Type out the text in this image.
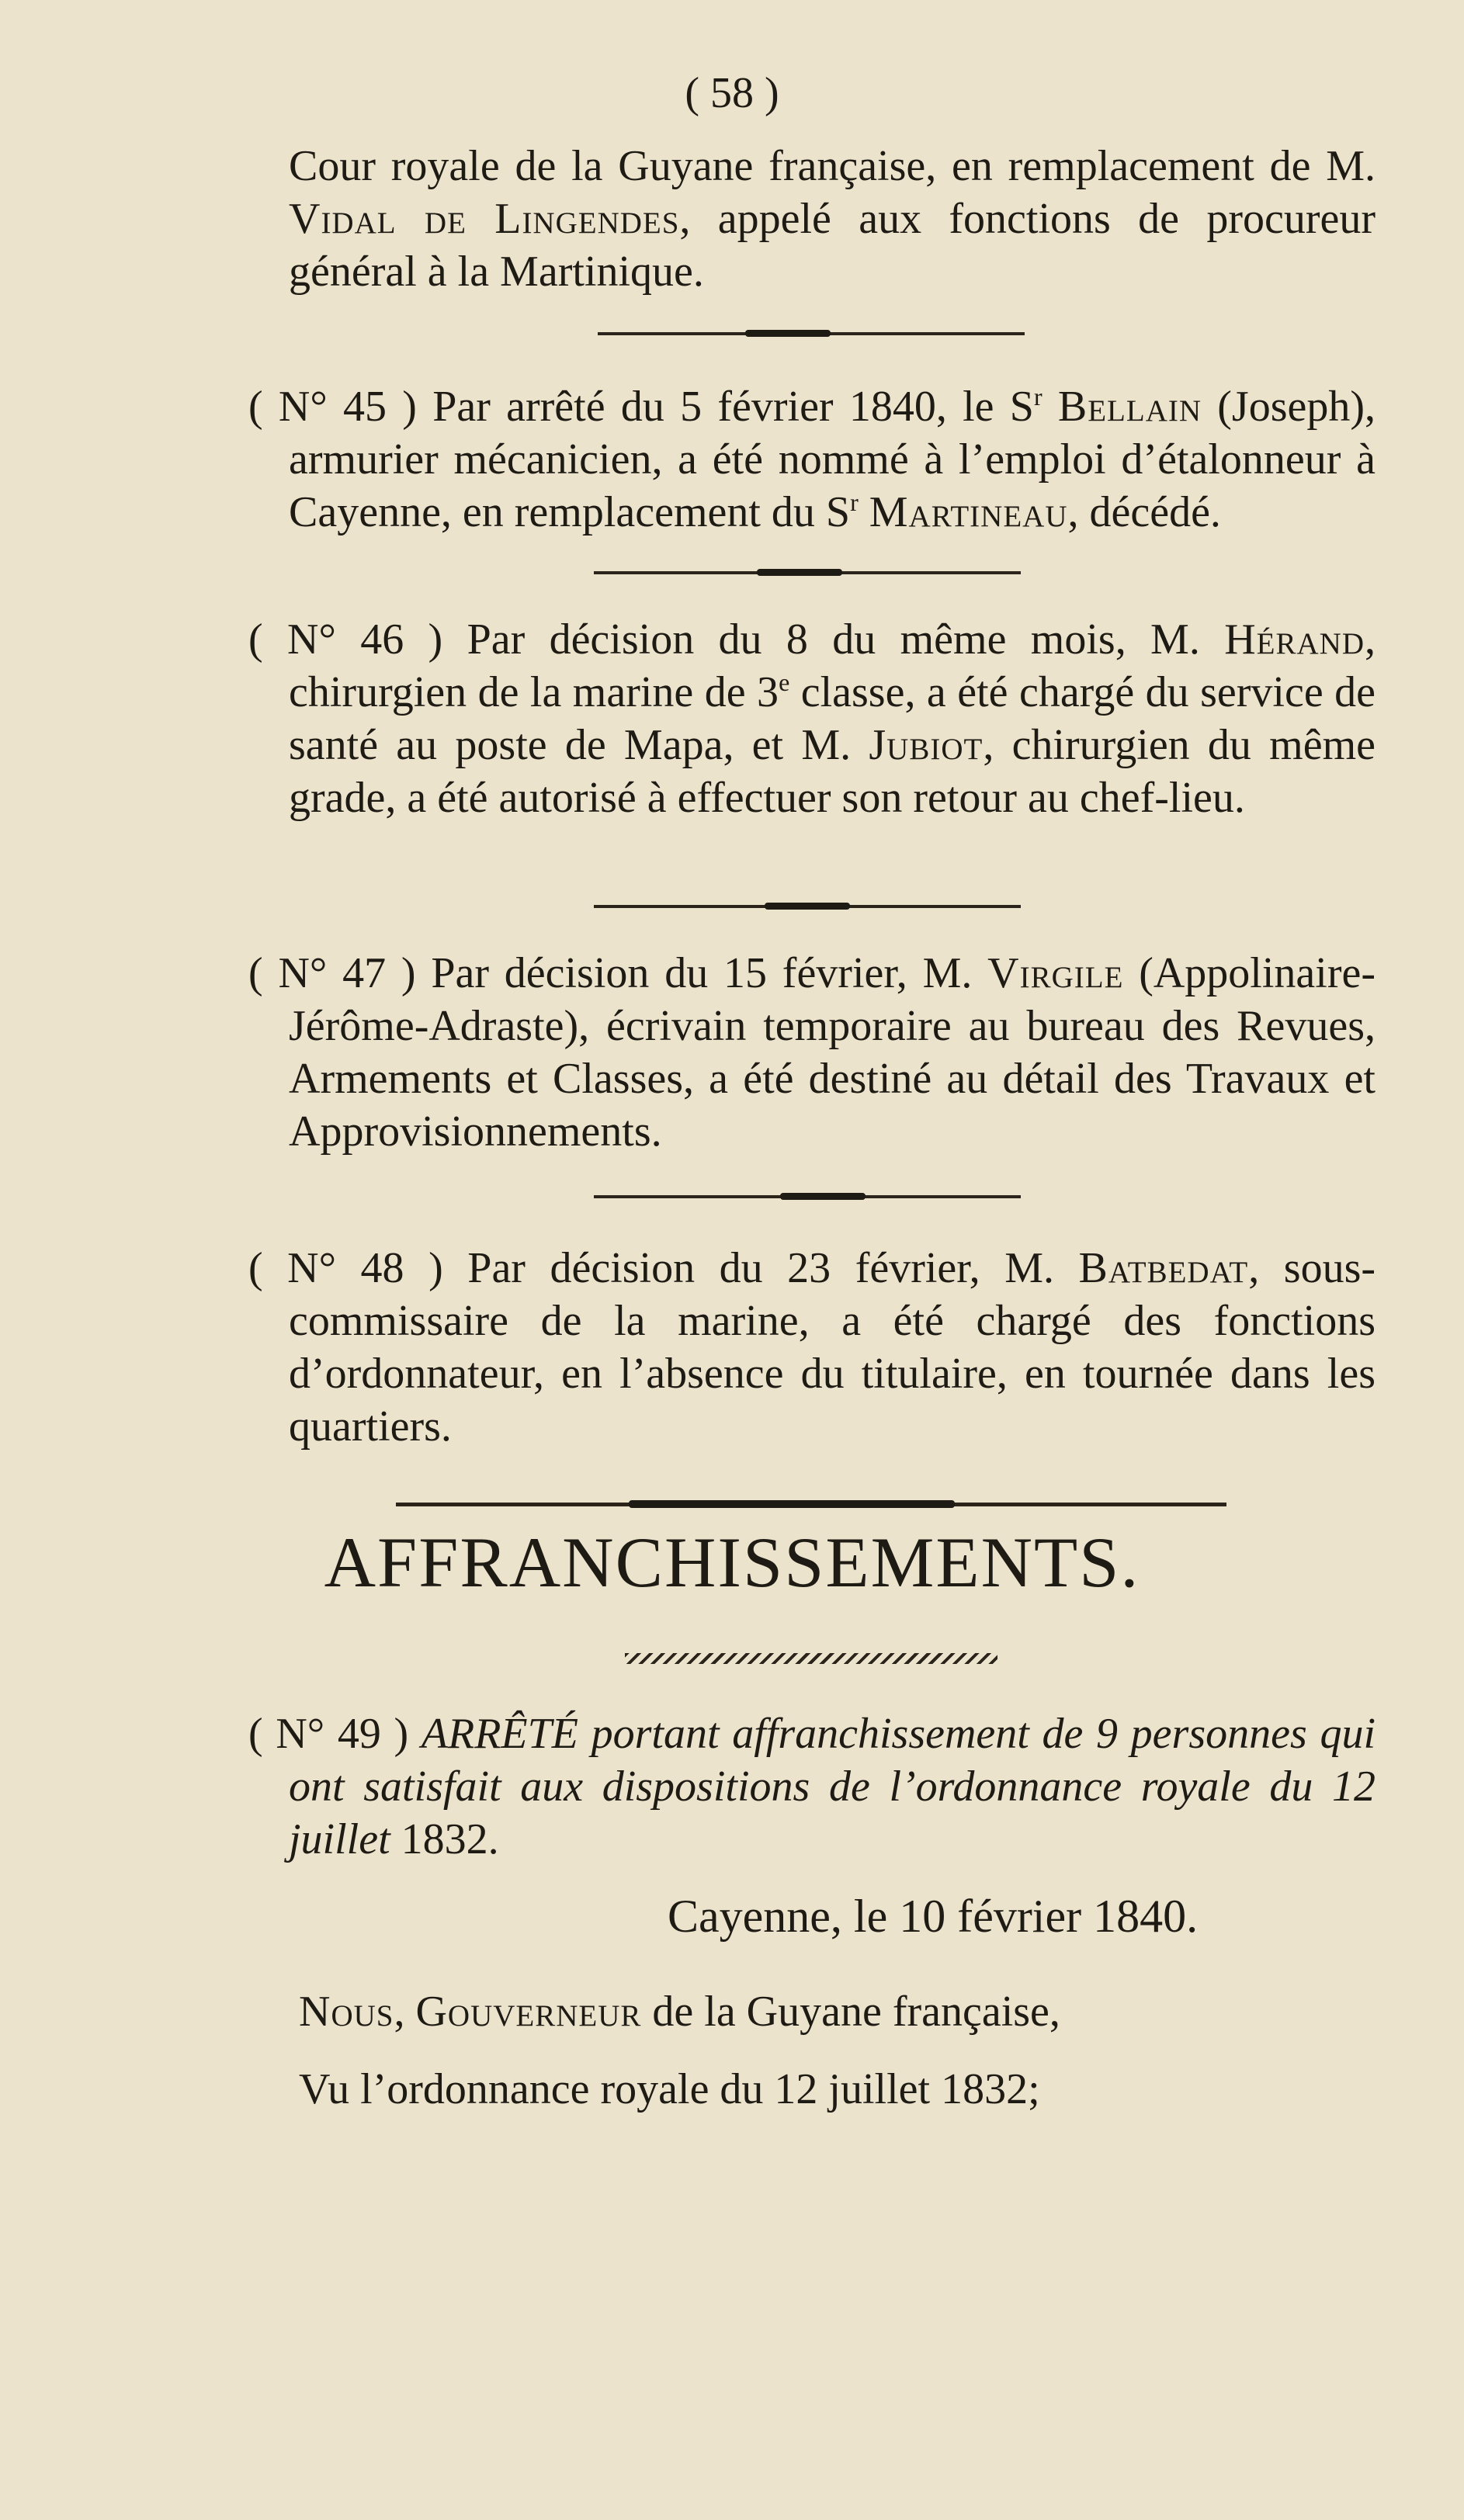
( 58 )

Cour royale de la Guyane française, en remplacement de M. Vidal de Lingendes, appelé aux fonctions de procureur général à la Martinique.

( N° 45 ) Par arrêté du 5 février 1840, le $S^r$ Bellain (Joseph), armurier mécanicien, a été nommé à l’emploi d’étalonneur à Cayenne, en remplacement du $S^r$ Martineau, décédé.

( N° 46 ) Par décision du 8 du même mois, M. Hérand, chirurgien de la marine de 3e classe, a été chargé du service de santé au poste de Mapa, et M. Jubiot, chirurgien du même grade, a été autorisé à effectuer son retour au chef-lieu.

( N° 47 ) Par décision du 15 février, M. Virgile (Appolinaire-Jérôme-Adraste), écrivain temporaire au bureau des Revues, Armements et Classes, a été destiné au détail des Travaux et Approvisionnements.

( N° 48 ) Par décision du 23 février, M. Batbedat, sous-commissaire de la marine, a été chargé des fonctions d’ordonnateur, en l’absence du titulaire, en tournée dans les quartiers.

AFFRANCHISSEMENTS.

( N° 49 ) ARRÊTÉ portant affranchissement de 9 personnes qui ont satisfait aux dispositions de l’ordonnance royale du 12 juillet 1832.

Cayenne, le 10 février 1840.
Nous, Gouverneur de la Guyane française,
Vu l’ordonnance royale du 12 juillet 1832;
